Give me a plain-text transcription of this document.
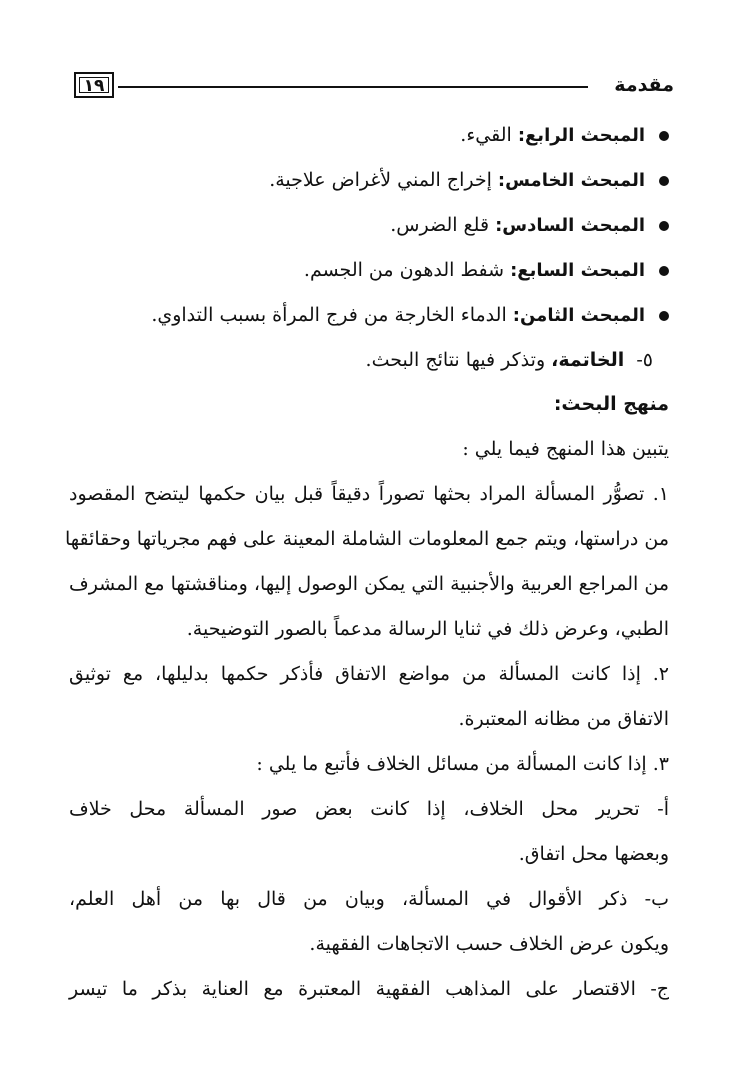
مقدمة
١٩
المبحث الرابع: القيء.
المبحث الخامس: إخراج المني لأغراض علاجية.
المبحث السادس: قلع الضرس.
المبحث السابع: شفط الدهون من الجسم.
المبحث الثامن: الدماء الخارجة من فرج المرأة بسبب التداوي.
٥-  الخاتمة، وتذكر فيها نتائج البحث.
منهج البحث:
يتبين هذا المنهج فيما يلي :
١. تصوُّر المسألة المراد بحثها تصوراً دقيقاً قبل بيان حكمها ليتضح المقصود
من دراستها، ويتم جمع المعلومات الشاملة المعينة على فهم مجرياتها وحقائقها
من المراجع العربية والأجنبية التي يمكن الوصول إليها، ومناقشتها مع المشرف
الطبي، وعرض ذلك في ثنايا الرسالة مدعماً بالصور التوضيحية.
٢. إذا كانت المسألة من مواضع الاتفاق فأذكر حكمها بدليلها، مع توثيق
الاتفاق من مظانه المعتبرة.
٣. إذا كانت المسألة من مسائل الخلاف فأتبع ما يلي :
أ- تحرير محل الخلاف، إذا كانت بعض صور المسألة محل خلاف
وبعضها محل اتفاق.
ب- ذكر الأقوال في المسألة، وبيان من قال بها من أهل العلم،
ويكون عرض الخلاف حسب الاتجاهات الفقهية.
ج- الاقتصار على المذاهب الفقهية المعتبرة مع العناية بذكر ما تيسر
